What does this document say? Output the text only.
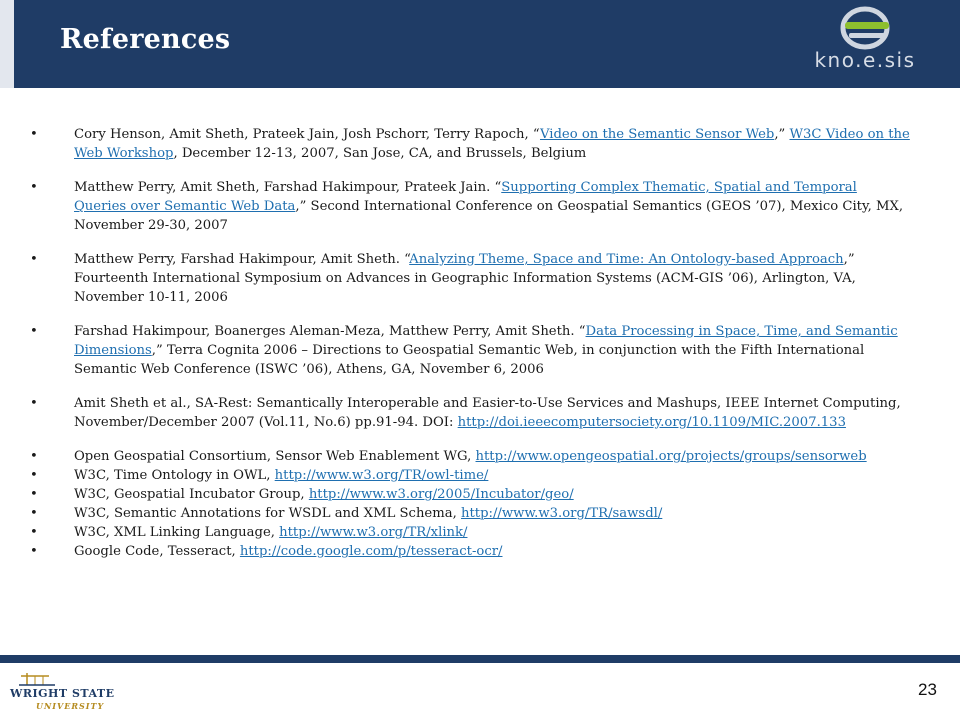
References
kno.e.sis
•	Cory Henson, Amit Sheth, Prateek Jain, Josh Pschorr, Terry Rapoch, “Video on the Semantic Sensor Web,” W3C Video on the Web Workshop, December 12-13, 2007, San Jose, CA, and Brussels, Belgium
•	Matthew Perry, Amit Sheth, Farshad Hakimpour, Prateek Jain. “Supporting Complex Thematic, Spatial and Temporal Queries over Semantic Web Data,” Second International Conference on Geospatial Semantics (GEOS ’07), Mexico City, MX, November 29-30, 2007
•	Matthew Perry, Farshad Hakimpour, Amit Sheth. “Analyzing Theme, Space and Time: An Ontology-based Approach,” Fourteenth International Symposium on Advances in Geographic Information Systems (ACM-GIS ’06), Arlington, VA, November 10-11, 2006
•	Farshad Hakimpour, Boanerges Aleman-Meza, Matthew Perry, Amit Sheth. “Data Processing in Space, Time, and Semantic Dimensions,” Terra Cognita 2006 – Directions to Geospatial Semantic Web, in conjunction with the Fifth International Semantic Web Conference (ISWC ’06), Athens, GA, November 6, 2006
•	Amit Sheth et al., SA-Rest: Semantically Interoperable and Easier-to-Use Services and Mashups, IEEE Internet Computing, November/December 2007 (Vol.11, No.6) pp.91-94. DOI: http://doi.ieeecomputersociety.org/10.1109/MIC.2007.133
•	Open Geospatial Consortium, Sensor Web Enablement WG, http://www.opengeospatial.org/projects/groups/sensorweb
•	W3C, Time Ontology in OWL, http://www.w3.org/TR/owl-time/
•	W3C, Geospatial Incubator Group, http://www.w3.org/2005/Incubator/geo/
•	W3C, Semantic Annotations for WSDL and XML Schema, http://www.w3.org/TR/sawsdl/
•	W3C, XML Linking Language, http://www.w3.org/TR/xlink/
•	Google Code, Tesseract, http://code.google.com/p/tesseract-ocr/
WRIGHT STATE
UNIVERSITY
23
